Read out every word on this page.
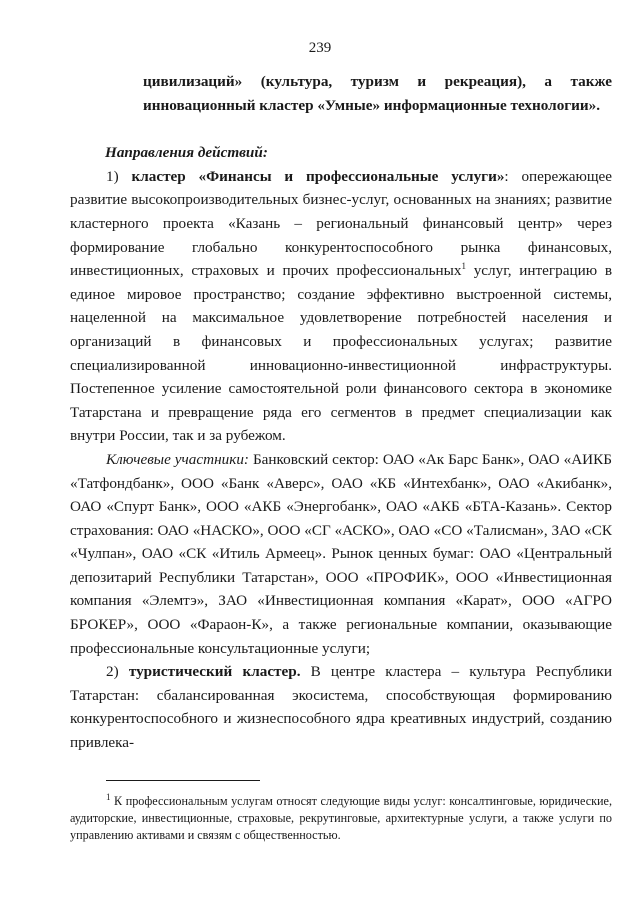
239

цивилизаций» (культура, туризм и рекреация), а также инновационный кластер «Умные» информационные технологии».

Направления действий:

1) кластер «Финансы и профессиональные услуги»: опережающее развитие высокопроизводительных бизнес-услуг, основанных на знаниях; развитие кластерного проекта «Казань – региональный финансовый центр» через формирование глобально конкурентоспособного рынка финансовых, инвестиционных, страховых и прочих профессиональных$^1$ услуг, интеграцию в единое мировое пространство; создание эффективно выстроенной системы, нацеленной на максимальное удовлетворение потребностей населения и организаций в финансовых и профессиональных услугах; развитие специализированной инновационно-инвестиционной инфраструктуры. Постепенное усиление самостоятельной роли финансового сектора в экономике Татарстана и превращение ряда его сегментов в предмет специализации как внутри России, так и за рубежом.

Ключевые участники: Банковский сектор: ОАО «Ак Барс Банк», ОАО «АИКБ «Татфондбанк», ООО «Банк «Аверс», ОАО «КБ «Интехбанк», ОАО «Акибанк», ОАО «Спурт Банк», ООО «АКБ «Энергобанк», ОАО «АКБ «БТА-Казань». Сектор страхования: ОАО «НАСКО», ООО «СГ «АСКО», ОАО «СО «Талисман», ЗАО «СК «Чулпан», ОАО «СК «Итиль Армеец». Рынок ценных бумаг: ОАО «Центральный депозитарий Республики Татарстан», ООО «ПРОФИК», ООО «Инвестиционная компания «Элемтэ», ЗАО «Инвестиционная компания «Карат», ООО «АГРО БРОКЕР», ООО «Фараон-К», а также региональные компании, оказывающие профессиональные консультационные услуги;

2) туристический кластер. В центре кластера – культура Республики Татарстан: сбалансированная экосистема, способствующая формированию конкурентоспособного и жизнеспособного ядра креативных индустрий, созданию привлека-

$^1$ К профессиональным услугам относят следующие виды услуг: консалтинговые, юридические, аудиторские, инвестиционные, страховые, рекрутинговые, архитектурные услуги, а также услуги по управлению активами и связям с общественностью.
